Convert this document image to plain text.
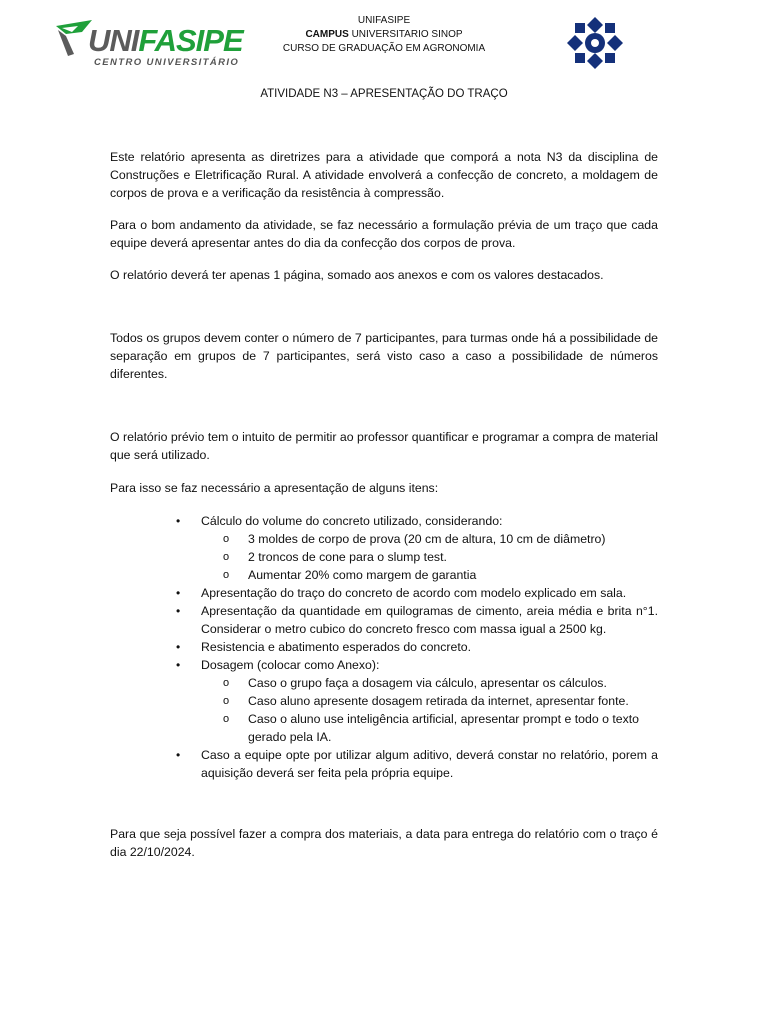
UNIFASIPE
CENTRO UNIVERSITÁRIO
UNIFASIPE
CAMPUS UNIVERSITARIO SINOP
CURSO DE GRADUAÇÃO EM AGRONOMIA
ATIVIDADE N3 – APRESENTAÇÃO DO TRAÇO

Este relatório apresenta as diretrizes para a atividade que comporá a nota N3 da disciplina de Construções e Eletrificação Rural. A atividade envolverá a confecção de concreto, a moldagem de corpos de prova e a verificação da resistência à compressão.

Para o bom andamento da atividade, se faz necessário a formulação prévia de um traço que cada equipe deverá apresentar antes do dia da confecção dos corpos de prova.

O relatório deverá ter apenas 1 página, somado aos anexos e com os valores destacados.

Todos os grupos devem conter o número de 7 participantes, para turmas onde há a possibilidade de separação em grupos de 7 participantes, será visto caso a caso a possibilidade de números diferentes.

O relatório prévio tem o intuito de permitir ao professor quantificar e programar a compra de material que será utilizado.

Para isso se faz necessário a apresentação de alguns itens:

• Cálculo do volume do concreto utilizado, considerando:
o 3 moldes de corpo de prova (20 cm de altura, 10 cm de diâmetro)
o 2 troncos de cone para o slump test.
o Aumentar 20% como margem de garantia
• Apresentação do traço do concreto de acordo com modelo explicado em sala.
• Apresentação da quantidade em quilogramas de cimento, areia média e brita n°1. Considerar o metro cubico do concreto fresco com massa igual a 2500 kg.
• Resistencia e abatimento esperados do concreto.
• Dosagem (colocar como Anexo):
o Caso o grupo faça a dosagem via cálculo, apresentar os cálculos.
o Caso aluno apresente dosagem retirada da internet, apresentar fonte.
o Caso o aluno use inteligência artificial, apresentar prompt e todo o texto gerado pela IA.
• Caso a equipe opte por utilizar algum aditivo, deverá constar no relatório, porem a aquisição deverá ser feita pela própria equipe.

Para que seja possível fazer a compra dos materiais, a data para entrega do relatório com o traço é dia 22/10/2024.
